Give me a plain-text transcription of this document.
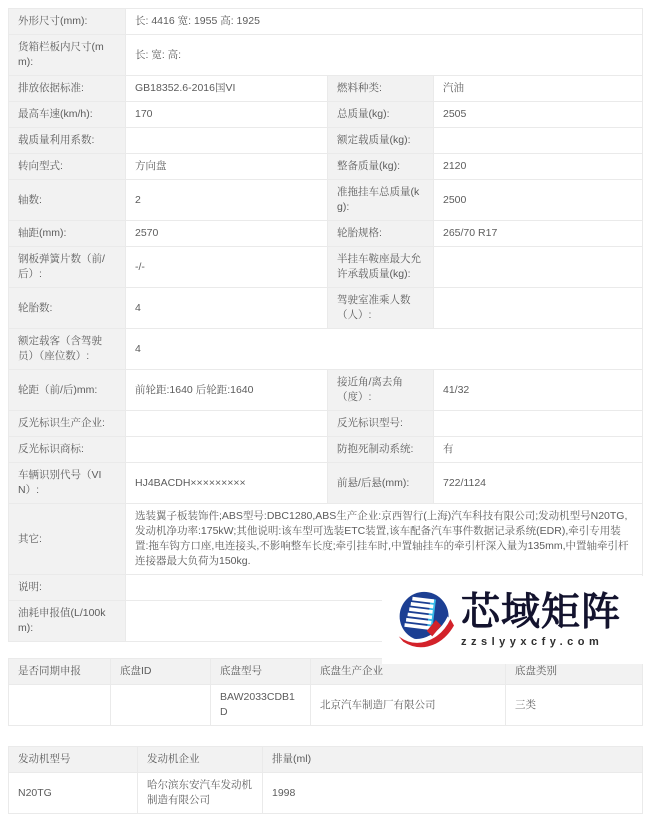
外形尺寸(mm):	长: 4416 宽: 1955 高: 1925		
货箱栏板内尺寸(mm):	长: 宽: 高:		
排放依据标准:	GB18352.6-2016国VI	燃料种类:	汽油
最高车速(km/h):	170	总质量(kg):	2505
载质量利用系数:		额定载质量(kg):	
转向型式:	方向盘	整备质量(kg):	2120
轴数:	2	准拖挂车总质量(kg):	2500
轴距(mm):	2570	轮胎规格:	265/70 R17
钢板弹簧片数（前/后）:	-/-	半挂车鞍座最大允许承载质量(kg):	
轮胎数:	4	驾驶室准乘人数（人）:	
额定载客（含驾驶员）（座位数）:	4		
轮距（前/后)mm:	前轮距:1640 后轮距:1640	接近角/离去角（度）:	41/32
反光标识生产企业:		反光标识型号:	
反光标识商标:		防抱死制动系统:	有
车辆识别代号（VIN）:	HJ4BACDH×××××××××	前悬/后悬(mm):	722/1124
其它:	选装翼子板装饰件;ABS型号:DBC1280,ABS生产企业:京西智行(上海)汽车科技有限公司;发动机型号N20TG,发动机净功率:175kW;其他说明:该车型可选装ETC装置,该车配备汽车事件数据记录系统(EDR),牵引专用装置:拖车钩方口座,电连接头,不影响整车长度;牵引挂车时,中置轴挂车的牵引杆深入量为135mm,中置轴牵引杆连接器最大负荷为150kg.		
说明:			
油耗申报值(L/100km):			
是否同期申报	底盘ID	底盘型号	底盘生产企业	底盘类别
		BAW2033CDB1D	北京汽车制造厂有限公司	三类
发动机型号	发动机企业	排量(ml)
N20TG	哈尔滨东安汽车发动机制造有限公司	1998
芯域矩阵
zzslyyxcfy.com
